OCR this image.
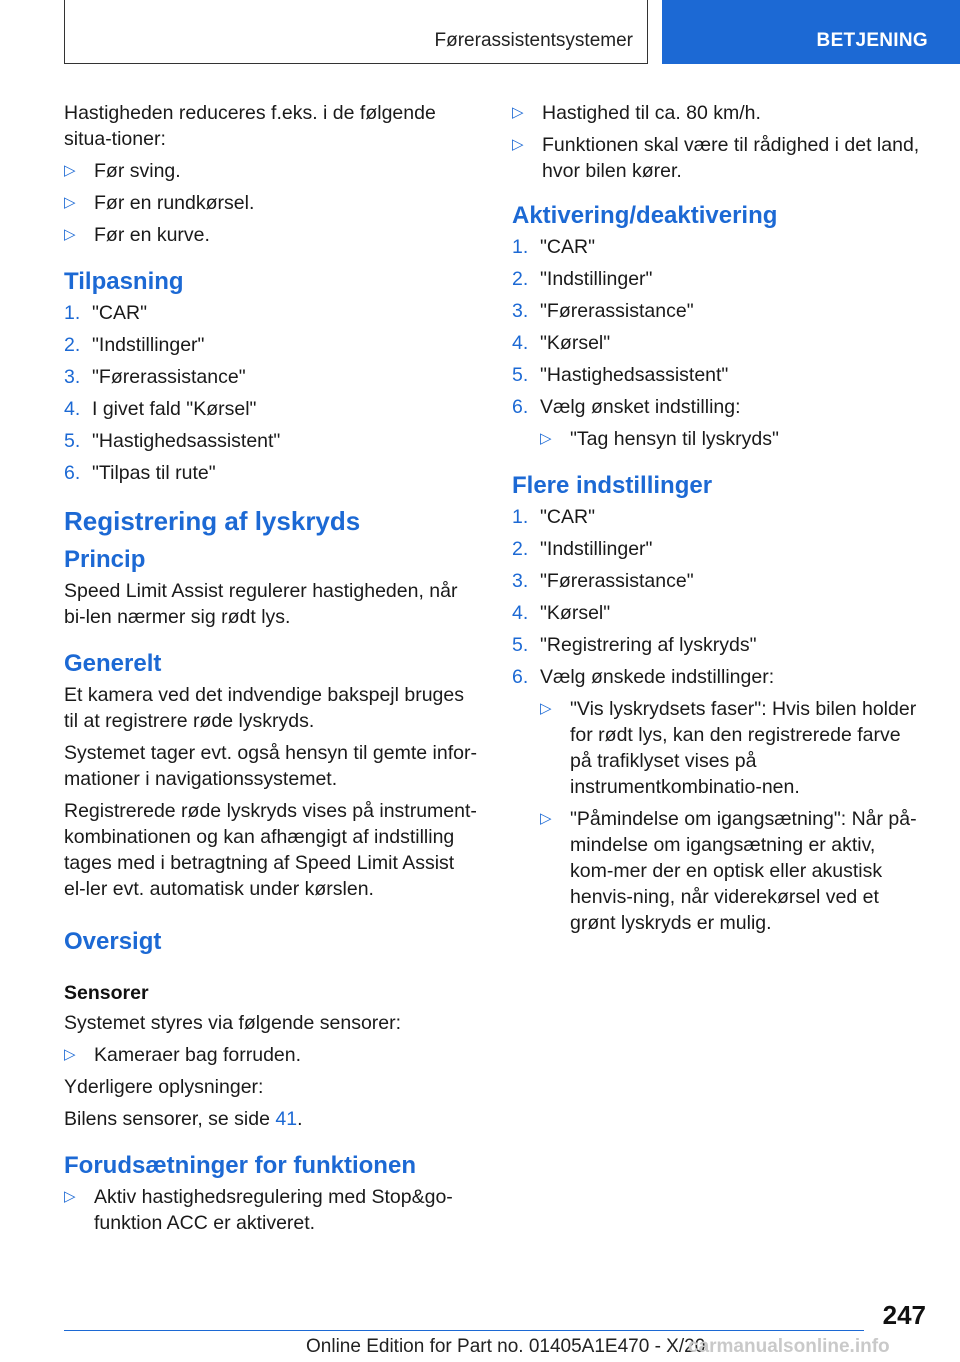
Førerassistentsystemer	BETJENING

Hastigheden reduceres f.eks. i de følgende situa-tioner:

▷ Før sving.
▷ Før en rundkørsel.
▷ Før en kurve.
Tilpasning
1. "CAR"
2. "Indstillinger"
3. "Førerassistance"
4. I givet fald "Kørsel"
5. "Hastighedsassistent"
6. "Tilpas til rute"
Registrering af lyskryds
Princip

Speed Limit Assist regulerer hastigheden, når bi-len nærmer sig rødt lys.

Generelt

Et kamera ved det indvendige bakspejl bruges til at registrere røde lyskryds.

Systemet tager evt. også hensyn til gemte infor-mationer i navigationssystemet.

Registrerede røde lyskryds vises på instrument-kombinationen og kan afhængigt af indstilling tages med i betragtning af Speed Limit Assist el-ler evt. automatisk under kørslen.

Oversigt
Sensorer

Systemet styres via følgende sensorer:

▷ Kameraer bag forruden.

Yderligere oplysninger:

Bilens sensorer, se side 41.

Forudsætninger for funktionen
▷ Aktiv hastighedsregulering med Stop&go-funktion ACC er aktiveret.
▷ Hastighed til ca. 80 km/h.
▷ Funktionen skal være til rådighed i det land, hvor bilen kører.
Aktivering/deaktivering
1. "CAR"
2. "Indstillinger"
3. "Førerassistance"
4. "Kørsel"
5. "Hastighedsassistent"
6. Vælg ønsket indstilling:
▷ "Tag hensyn til lyskryds"
Flere indstillinger
1. "CAR"
2. "Indstillinger"
3. "Førerassistance"
4. "Kørsel"
5. "Registrering af lyskryds"
6. Vælg ønskede indstillinger:
▷ "Vis lyskrydsets faser": Hvis bilen holder for rødt lys, kan den registrerede farve på trafiklyset vises på instrumentkombinatio-nen.
▷ "Påmindelse om igangsætning": Når på-mindelse om igangsætning er aktiv, kom-mer der en optisk eller akustisk henvis-ning, når viderekørsel ved et grønt lyskryds er mulig.
247
Online Edition for Part no. 01405A1E470 - X/20
carmanualsonline.info
